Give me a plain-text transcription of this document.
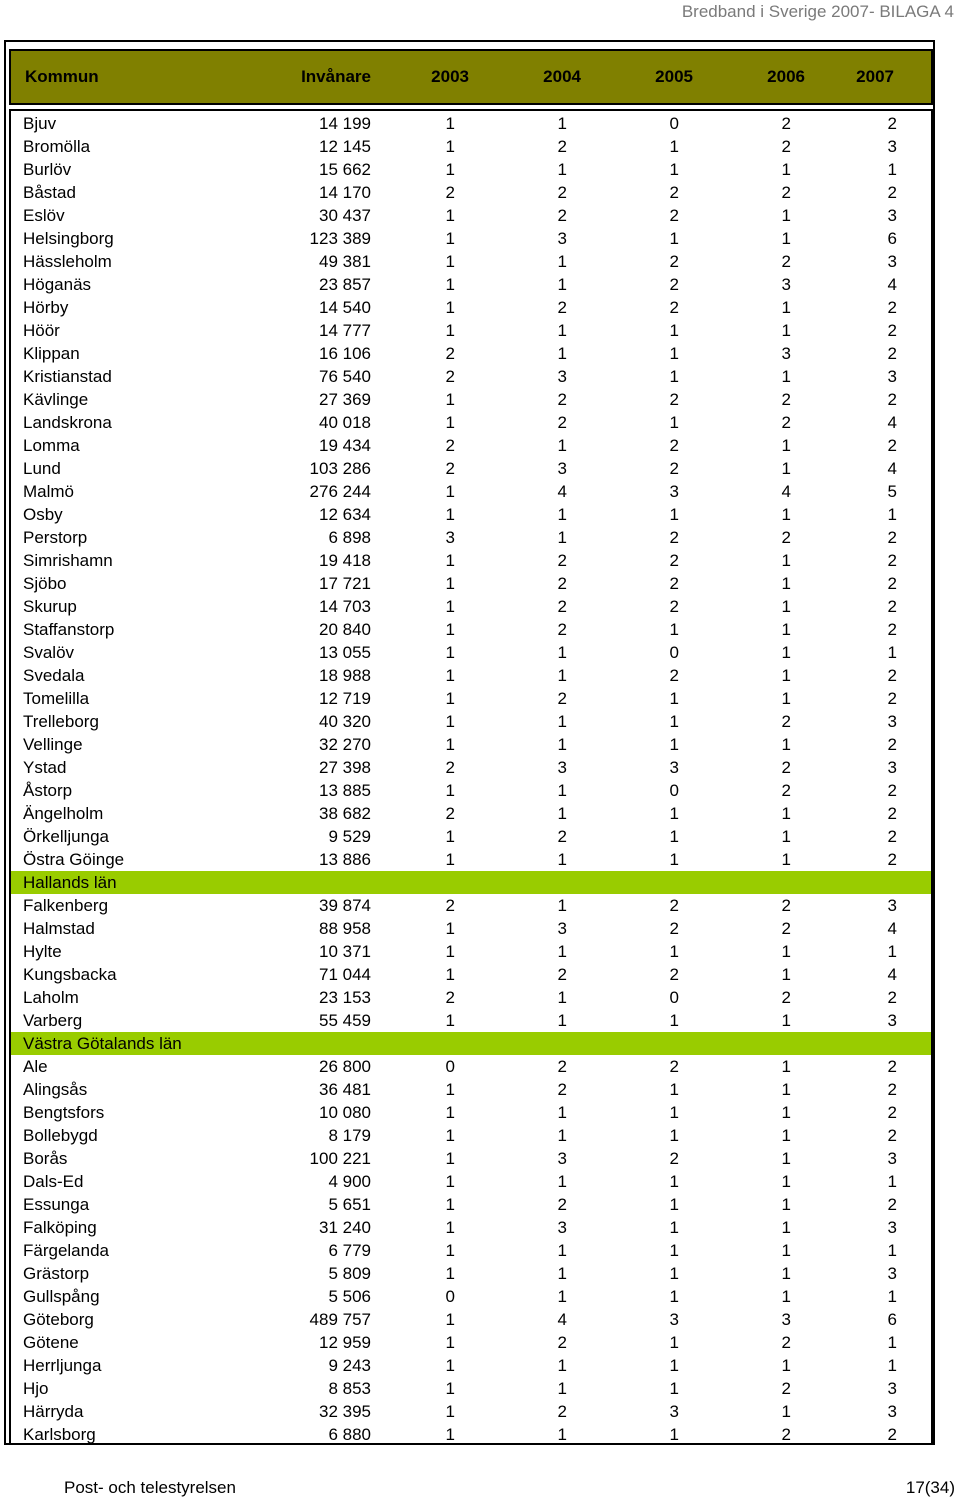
Bredband i Sverige 2007- BILAGA 4
Kommun	Invånare	2003	2004	2005	2006	2007
Bjuv	14 199	1	1	0	2	2
Bromölla	12 145	1	2	1	2	3
Burlöv	15 662	1	1	1	1	1
Båstad	14 170	2	2	2	2	2
Eslöv	30 437	1	2	2	1	3
Helsingborg	123 389	1	3	1	1	6
Hässleholm	49 381	1	1	2	2	3
Höganäs	23 857	1	1	2	3	4
Hörby	14 540	1	2	2	1	2
Höör	14 777	1	1	1	1	2
Klippan	16 106	2	1	1	3	2
Kristianstad	76 540	2	3	1	1	3
Kävlinge	27 369	1	2	2	2	2
Landskrona	40 018	1	2	1	2	4
Lomma	19 434	2	1	2	1	2
Lund	103 286	2	3	2	1	4
Malmö	276 244	1	4	3	4	5
Osby	12 634	1	1	1	1	1
Perstorp	6 898	3	1	2	2	2
Simrishamn	19 418	1	2	2	1	2
Sjöbo	17 721	1	2	2	1	2
Skurup	14 703	1	2	2	1	2
Staffanstorp	20 840	1	2	1	1	2
Svalöv	13 055	1	1	0	1	1
Svedala	18 988	1	1	2	1	2
Tomelilla	12 719	1	2	1	1	2
Trelleborg	40 320	1	1	1	2	3
Vellinge	32 270	1	1	1	1	2
Ystad	27 398	2	3	3	2	3
Åstorp	13 885	1	1	0	2	2
Ängelholm	38 682	2	1	1	1	2
Örkelljunga	9 529	1	2	1	1	2
Östra Göinge	13 886	1	1	1	1	2
Hallands län
Falkenberg	39 874	2	1	2	2	3
Halmstad	88 958	1	3	2	2	4
Hylte	10 371	1	1	1	1	1
Kungsbacka	71 044	1	2	2	1	4
Laholm	23 153	2	1	0	2	2
Varberg	55 459	1	1	1	1	3
Västra Götalands län
Ale	26 800	0	2	2	1	2
Alingsås	36 481	1	2	1	1	2
Bengtsfors	10 080	1	1	1	1	2
Bollebygd	8 179	1	1	1	1	2
Borås	100 221	1	3	2	1	3
Dals-Ed	4 900	1	1	1	1	1
Essunga	5 651	1	2	1	1	2
Falköping	31 240	1	3	1	1	3
Färgelanda	6 779	1	1	1	1	1
Grästorp	5 809	1	1	1	1	3
Gullspång	5 506	0	1	1	1	1
Göteborg	489 757	1	4	3	3	6
Götene	12 959	1	2	1	2	1
Herrljunga	9 243	1	1	1	1	1
Hjo	8 853	1	1	1	2	3
Härryda	32 395	1	2	3	1	3
Karlsborg	6 880	1	1	1	2	2
Post- och telestyrelsen	17(34)
